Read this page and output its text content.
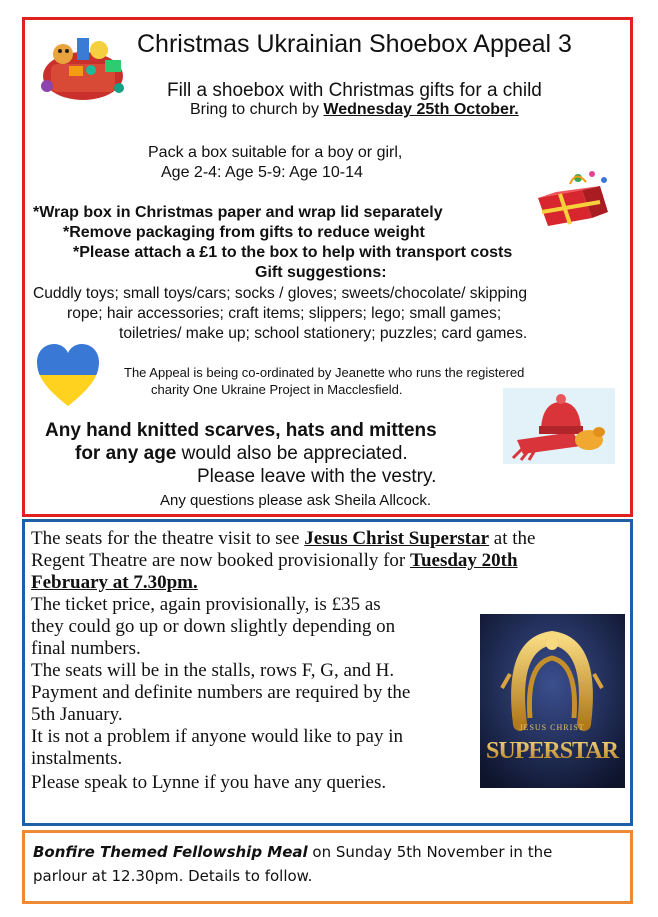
Christmas Ukrainian Shoebox Appeal 3
Fill a shoebox with Christmas gifts for a child
Bring to church by Wednesday 25th October.
Pack a box suitable for a boy or girl,
Age 2-4: Age 5-9: Age 10-14
*Wrap box in Christmas paper and wrap lid separately
*Remove packaging from gifts to reduce weight
*Please attach a £1 to the box to help with transport costs
Gift suggestions:
Cuddly toys; small toys/cars; socks / gloves; sweets/chocolate/ skipping
rope; hair accessories; craft items; slippers; lego; small games;
toiletries/ make up; school stationery; puzzles; card games.
The Appeal is being co-ordinated by Jeanette who runs the registered
charity One Ukraine Project in Macclesfield.
Any hand knitted scarves, hats and mittens
for any age would also be appreciated.
Please leave with the vestry.
Any questions please ask Sheila Allcock.
The seats for the theatre visit to see Jesus Christ Superstar at the
Regent Theatre are now booked provisionally for Tuesday 20th
February at 7.30pm.
The ticket price, again provisionally, is £35 as
they could go up or down slightly depending on
final numbers.
The seats will be in the stalls, rows F, G, and H.
Payment and definite numbers are required by the
5th January.
It is not a problem if anyone would like to pay in
instalments.
Please speak to Lynne if you have any queries.
JESUS CHRIST
SUPERSTAR
Bonfire Themed Fellowship Meal on Sunday 5th November in the
parlour at 12.30pm. Details to follow.
